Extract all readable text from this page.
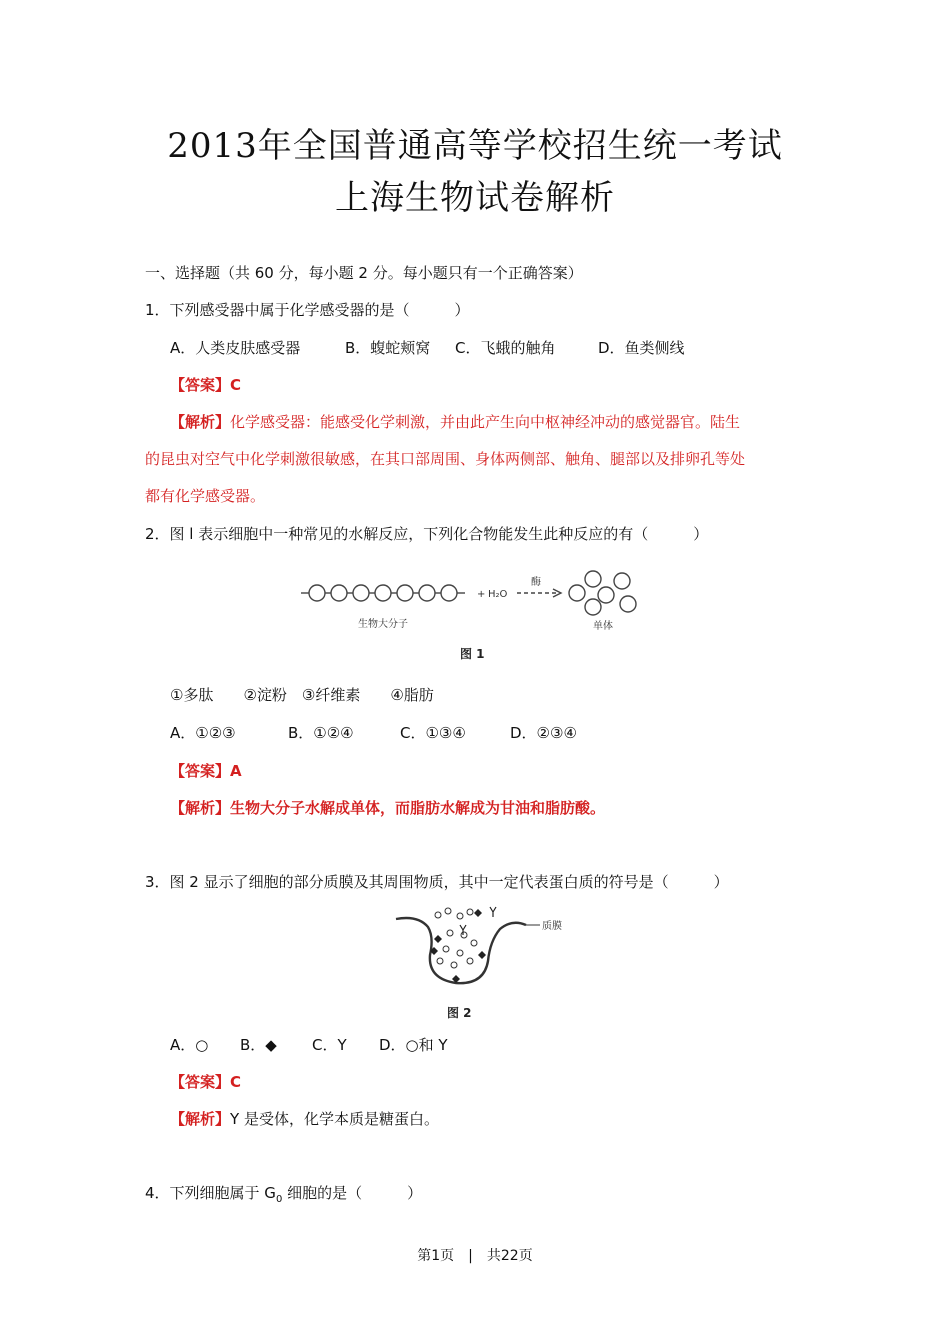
2013年全国普通高等学校招生统一考试
上海生物试卷解析
一、选择题（共 60 分，每小题 2 分。每小题只有一个正确答案）
1．下列感受器中属于化学感受器的是（　　　）
A．人类皮肤感受器	B．蝮蛇颊窝 C．飞蛾的触角	D．鱼类侧线
【答案】C
【解析】化学感受器：能感受化学刺激，并由此产生向中枢神经冲动的感觉器官。陆生
的昆虫对空气中化学刺激很敏感，在其口部周围、身体两侧部、触角、腿部以及排卵孔等处
都有化学感受器。
2．图 l 表示细胞中一种常见的水解反应，下列化合物能发生此种反应的有（　　　）
+ H₂O
酶
生物大分子	单体
图 1
①多肽　　②淀粉　③纤维素　　④脂肪
A．①②③	B．①②④	C．①③④	D．②③④
【答案】A
【解析】生物大分子水解成单体，而脂肪水解成为甘油和脂肪酸。
3．图 2 显示了细胞的部分质膜及其周围物质，其中一定代表蛋白质的符号是（　　　）
质膜
图 2
A．○ B．◆ C．Y D．○和 Y
【答案】C
【解析】Y 是受体，化学本质是糖蛋白。
4．下列细胞属于 $G_0$ 细胞的是（　　　）
第1页　|　共22页
